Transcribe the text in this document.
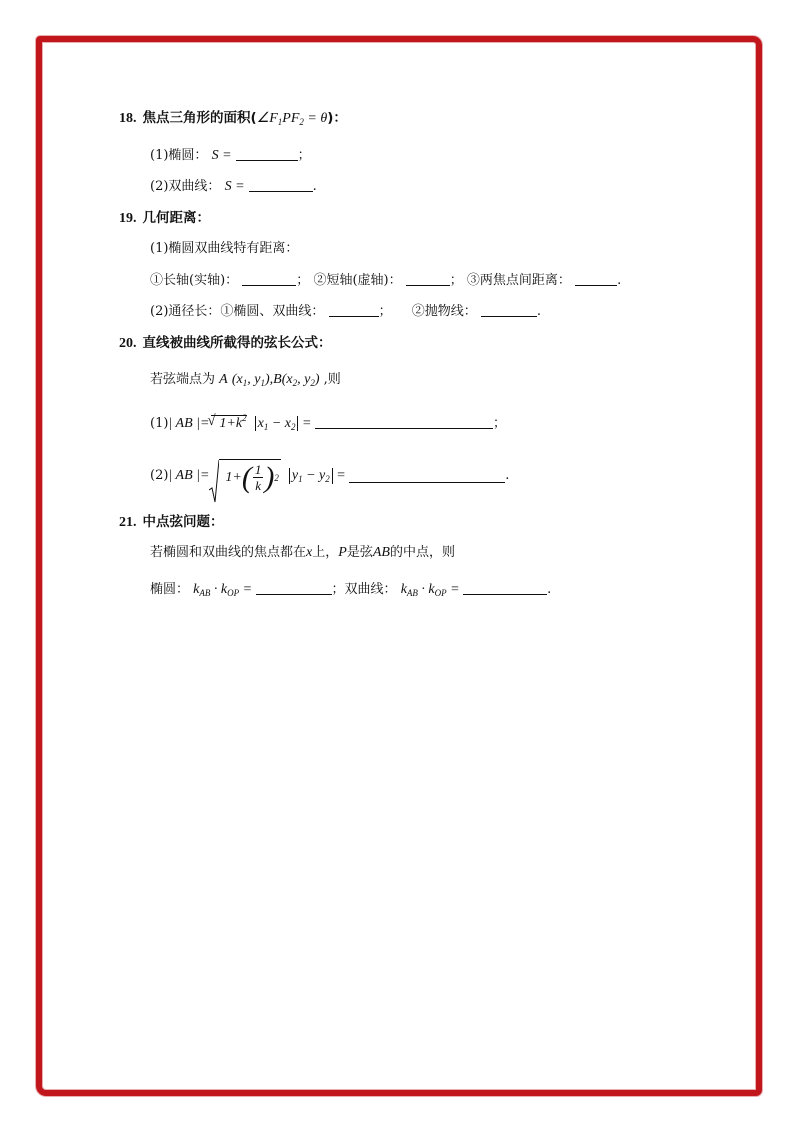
18. 焦点三角形的面积$(\angle F_1PF_2 = \theta)$：
(1)椭圆： S =	；
(2)双曲线： S =	.
19. 几何距离：
(1)椭圆双曲线特有距离：
①长轴(实轴)：	； ②短轴(虚轴)：	； ③两焦点间距离：	.
(2)通径长：①椭圆、双曲线：	； ②抛物线：	.
20. 直线被曲线所截得的弦长公式：
若弦端点为 A ($x_1$, $y_1),B(x_2$, $y_2$) ,则
(1)| AB |=√ $1+k^2$ $x_1 - x_2$ =	；
(2) | AB |= 1+ ( $\frac{1}{k}$ ) 2 $y_1 - y_2$ =	.
21. 中点弦问题：
若椭圆和双曲线的焦点都在x上，P是弦AB的中点，则
椭圆： $k_{AB} \cdot k_{OP}$ =	；双曲线： $k_{AB} \cdot k_{OP}$ =	.
